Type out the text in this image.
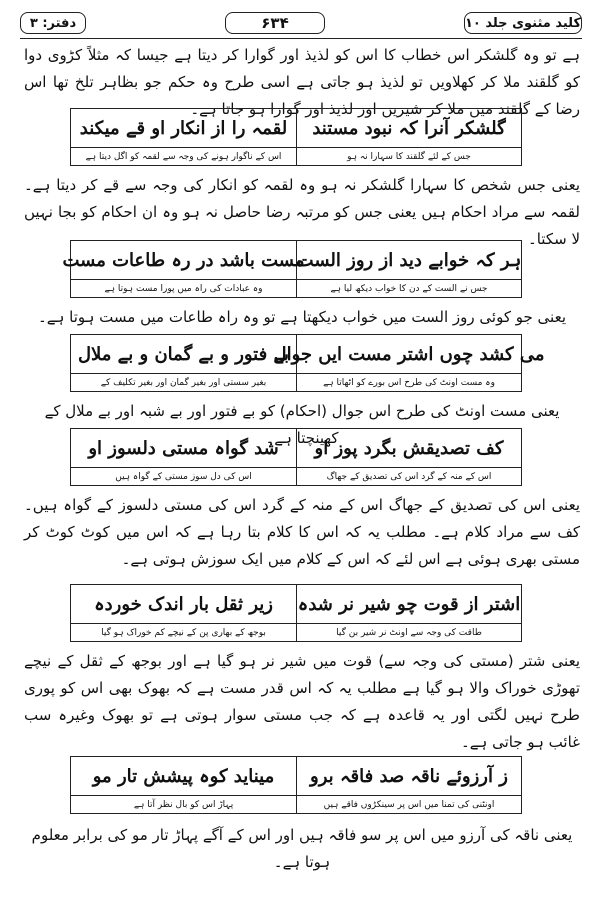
کلید مثنوی جلد ۱۰
۶۳۴
دفتر: ۳

ہے تو وہ گلشکر اس خطاب کا اس کو لذیذ اور گوارا کر دیتا ہے جیسا کہ مثلاً کڑوی دوا کو گلقند ملا کر کھلاویں تو لذیذ ہو جاتی ہے اسی طرح وہ حکم جو بظاہر تلخ تھا اس رضا کے گلقند میں ملا کر شیریں اور لذیذ اور گوارا ہو جاتا ہے۔

گلشکر آنرا کہ نبود مستند
جس کے لئے گلقند کا سہارا نہ ہو
لقمہ را از انکار او قے میکند
اس کے ناگوار ہونے کی وجہ سے لقمہ کو اگل دیتا ہے

یعنی جس شخص کا سہارا گلشکر نہ ہو وہ لقمہ کو انکار کی وجہ سے قے کر دیتا ہے۔ لقمہ سے مراد احکام ہیں یعنی جس کو مرتبہ رضا حاصل نہ ہو وہ ان احکام کو بجا نہیں لا سکتا۔

ہر کہ خوابے دید از روز الست
جس نے الست کے دن کا خواب دیکھ لیا ہے
مست باشد در رہ طاعات مست
وہ عبادات کی راہ میں پورا مست ہوتا ہے

یعنی جو کوئی روز الست میں خواب دیکھتا ہے تو وہ راہ طاعات میں مست ہوتا ہے۔

می کشد چوں اشتر مست ایں جوال
وہ مست اونٹ کی طرح اس بورے کو اٹھاتا ہے
بے فتور و بے گمان و بے ملال
بغیر سستی اور بغیر گمان اور بغیر تکلیف کے

یعنی مست اونٹ کی طرح اس جوال (احکام) کو بے فتور اور بے شبہ اور بے ملال کے کھینچتا ہے۔

کف تصدیقش بگرد پوز او
اس کے منہ کے گرد اس کی تصدیق کے جھاگ
شد گواہ مستی دلسوز او
اس کی دل سوز مستی کے گواہ ہیں

یعنی اس کی تصدیق کے جھاگ اس کے منہ کے گرد اس کی مستی دلسوز کے گواہ ہیں۔ کف سے مراد کلام ہے۔ مطلب یہ کہ اس کا کلام بتا رہا ہے کہ اس میں کوٹ کوٹ کر مستی بھری ہوئی ہے اس لئے کہ اس کے کلام میں ایک سوزش ہوتی ہے۔

اشتر از قوت چو شیر نر شدہ
طاقت کی وجہ سے اونٹ نر شیر بن گیا
زیر ثقل بار اندک خوردہ
بوجھ کے بھاری پن کے نیچے کم خوراک ہو گیا

یعنی شتر (مستی کی وجہ سے) قوت میں شیر نر ہو گیا ہے اور بوجھ کے ثقل کے نیچے تھوڑی خوراک والا ہو گیا ہے مطلب یہ کہ اس قدر مست ہے کہ بھوک بھی اس کو پوری طرح نہیں لگتی اور یہ قاعدہ ہے کہ جب مستی سوار ہوتی ہے تو بھوک وغیرہ سب غائب ہو جاتی ہے۔

ز آرزوئے ناقہ صد فاقہ برو
اونٹنی کی تمنا میں اس پر سینکڑوں فاقے ہیں
میناید کوہ پیشش تار مو
پہاڑ اس کو بال نظر آتا ہے

یعنی ناقہ کی آرزو میں اس پر سو فاقہ ہیں اور اس کے آگے پہاڑ تار مو کی برابر معلوم ہوتا ہے۔
